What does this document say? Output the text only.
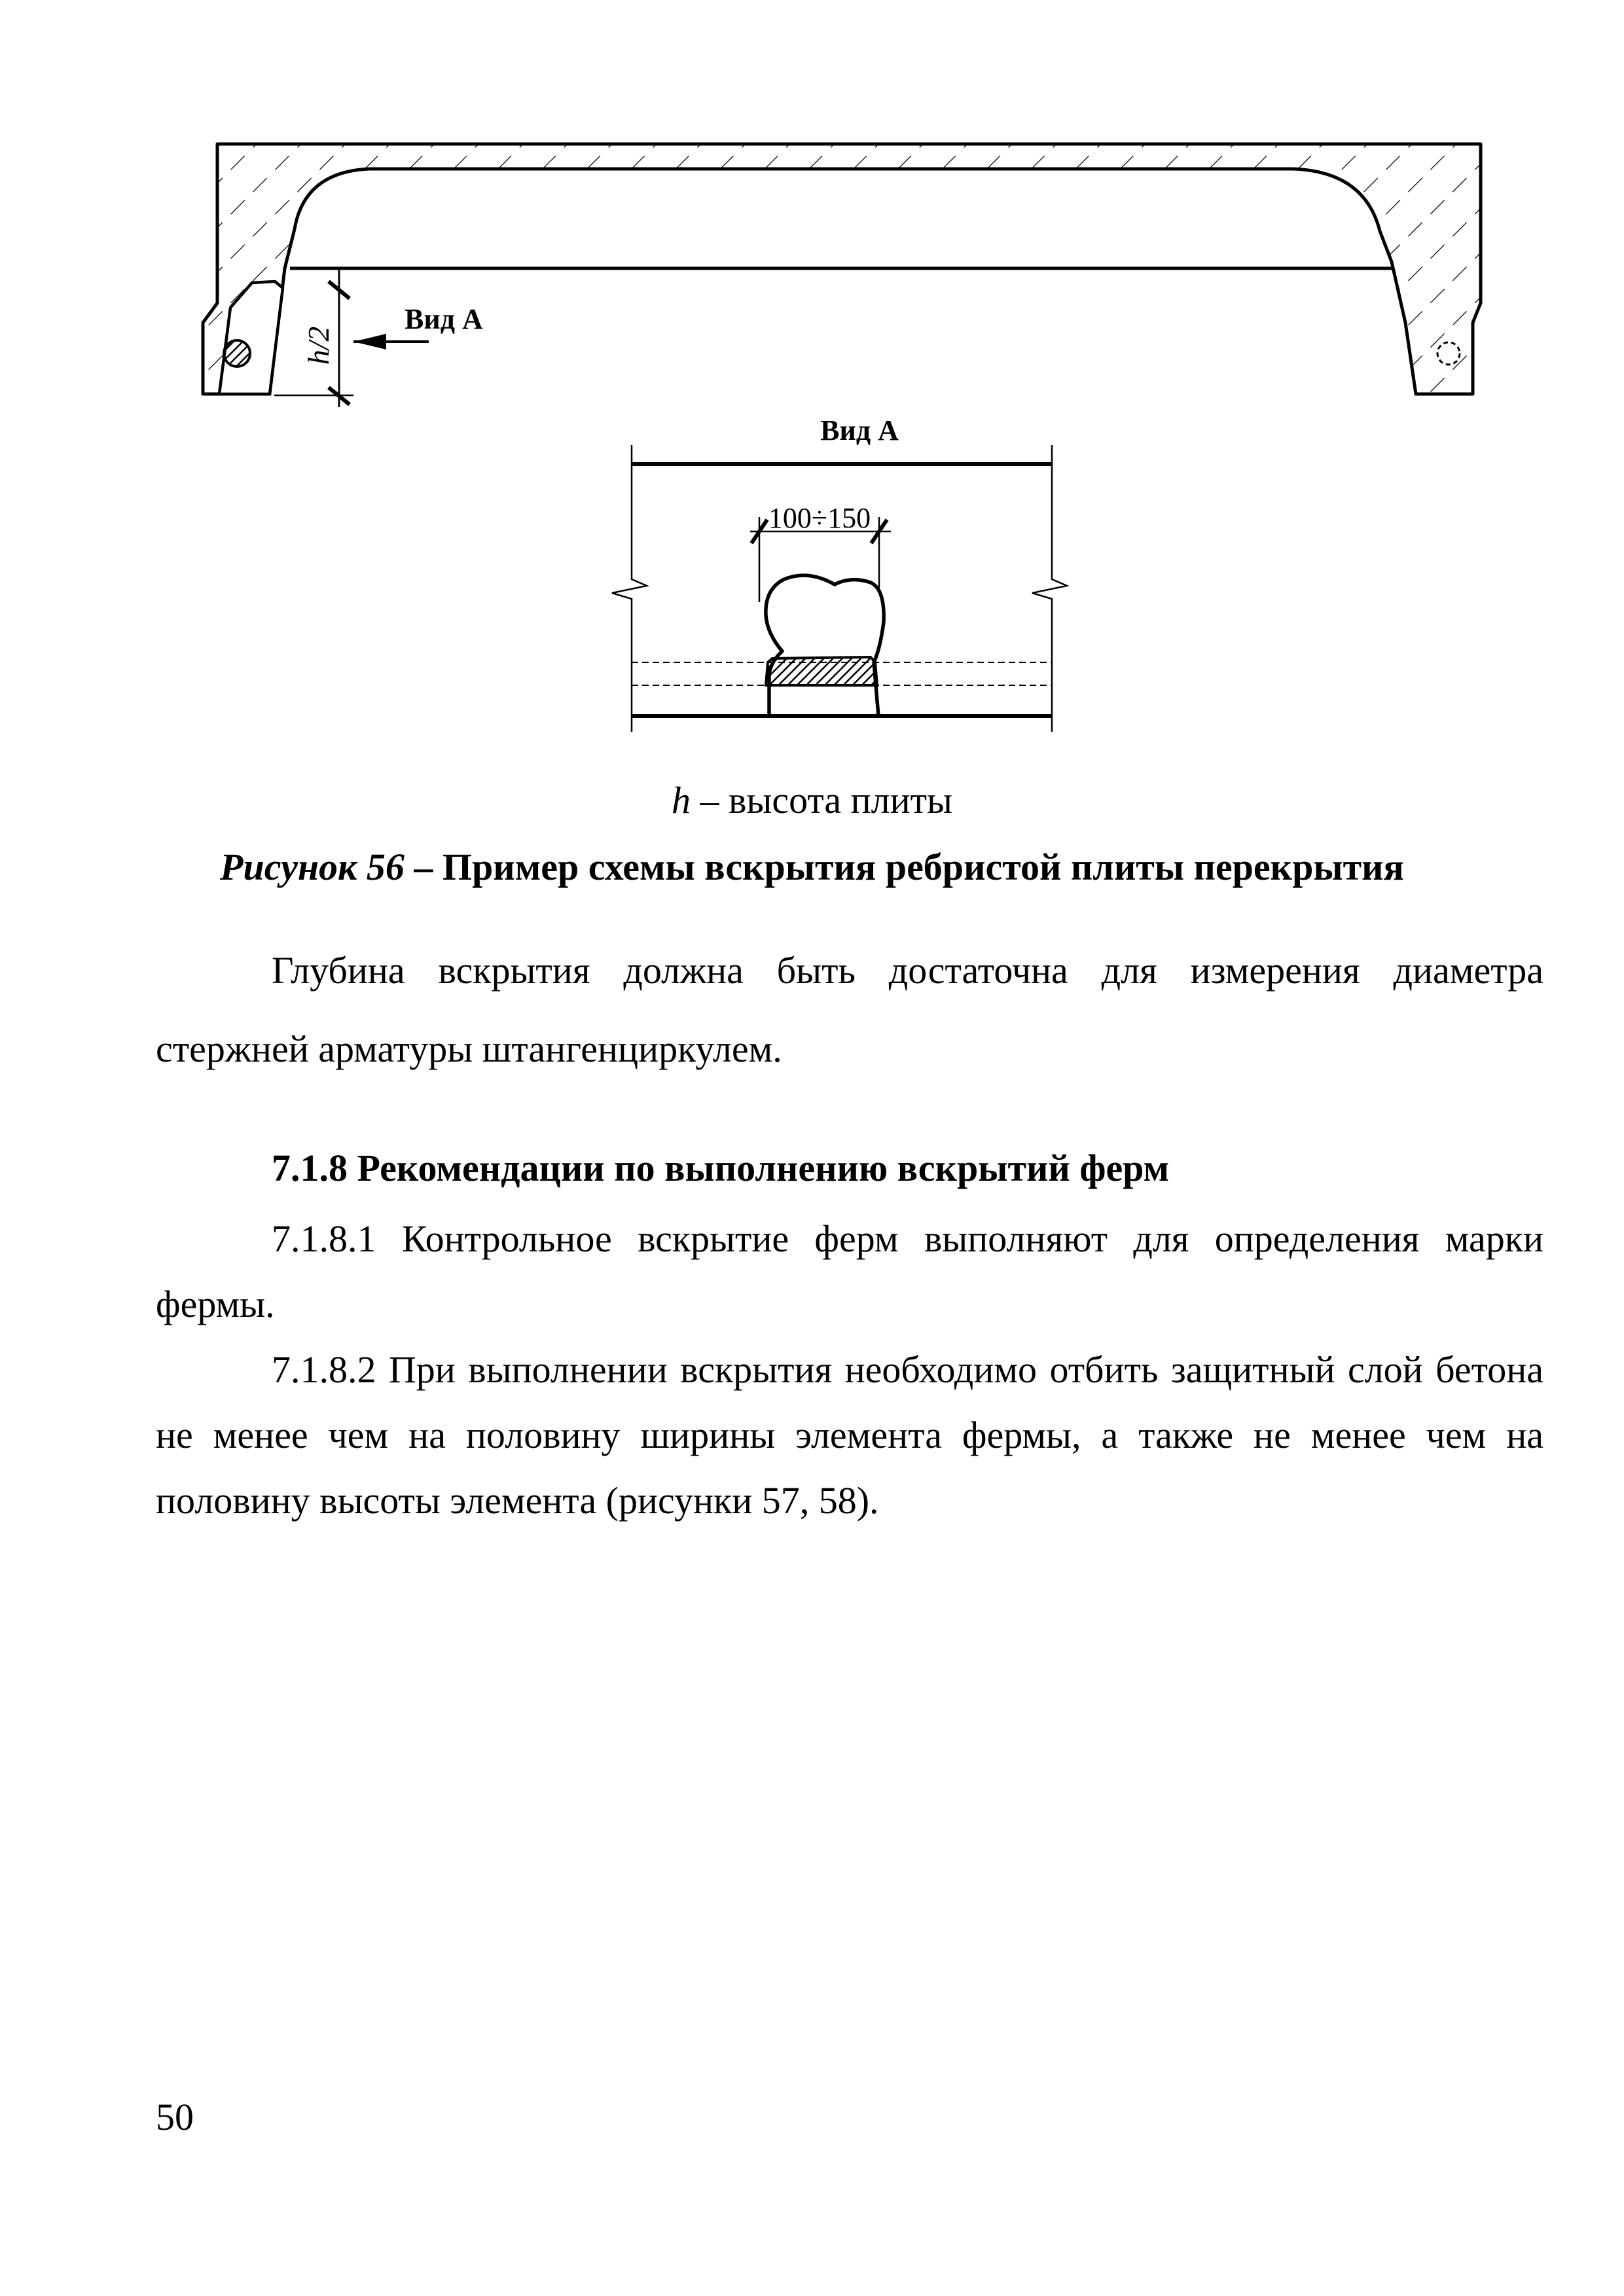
h/2
Вид А
Вид А
100÷150
h – высота плиты
Рисунок 56 – Пример схемы вскрытия ребристой плиты перекрытия
Глубина вскрытия должна быть достаточна для измерения диаметра
стержней арматуры штангенциркулем.
7.1.8 Рекомендации по выполнению вскрытий ферм
7.1.8.1 Контрольное вскрытие ферм выполняют для определения марки
фермы.
7.1.8.2 При выполнении вскрытия необходимо отбить защитный слой бетона
не менее чем на половину ширины элемента фермы, а также не менее чем на
половину высоты элемента (рисунки 57, 58).
50
